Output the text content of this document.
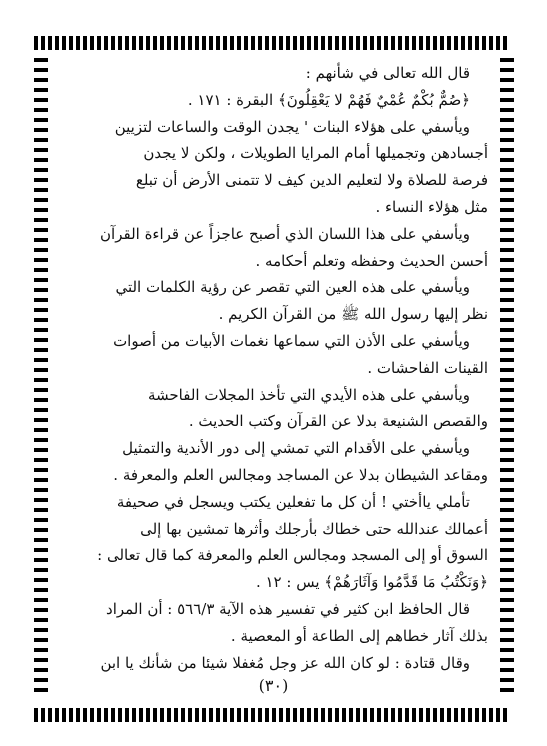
قال الله تعالى في شأنهم :
﴿صُمٌّ بُكْمٌ عُمْيٌ فَهُمْ لا يَعْقِلُونَ﴾ البقرة : ١٧١ .
ويأسفي على هؤلاء البنات ' يجدن الوقت والساعات لتزيين
أجسادهن وتجميلها أمام المرايا الطويلات ، ولكن لا يجدن
فرصة للصلاة ولا لتعليم الدين كيف لا تتمنى الأرض أن تبلع
مثل هؤلاء النساء .
ويأسفي على هذا اللسان الذي أصبح عاجزاً عن قراءة القرآن
أحسن الحديث وحفظه وتعلم أحكامه .
ويأسفي على هذه العين التي تقصر عن رؤية الكلمات التي
نظر إليها رسول الله ﷺ من القرآن الكريم .
ويأسفي على الأذن التي سماعها نغمات الأبيات من أصوات
القينات الفاحشات .
ويأسفي على هذه الأيدي التي تأخذ المجلات الفاحشة
والقصص الشنيعة بدلا عن القرآن وكتب الحديث .
ويأسفي على الأقدام التي تمشي إلى دور الأندية والتمثيل
ومقاعد الشيطان بدلا عن المساجد ومجالس العلم والمعرفة .
تأملي ياأختي ! أن كل ما تفعلين يكتب ويسجل في صحيفة
أعمالك عندالله حتى خطاك بأرجلك وأثرها تمشين بها إلى
السوق أو إلى المسجد ومجالس العلم والمعرفة كما قال تعالى :
﴿وَنَكْتُبُ مَا قَدَّمُوا وَآثَارَهُمْ﴾ يس : ١٢ .
قال الحافظ ابن كثير في تفسير هذه الآية ٥٦٦/٣ : أن المراد
بذلك آثار خطاهم إلى الطاعة أو المعصية .
وقال قتادة : لو كان الله عز وجل مُغفلا شيئا من شأنك يا ابن
(٣٠)
